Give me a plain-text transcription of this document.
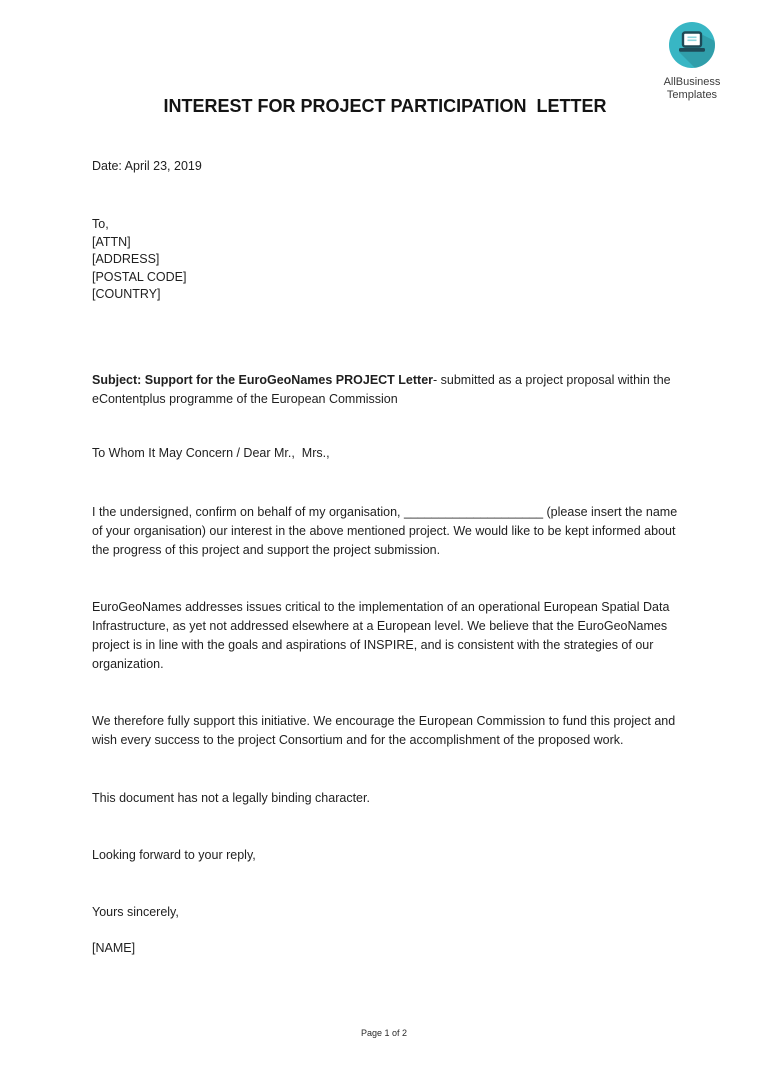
AllBusiness
Templates
INTEREST FOR PROJECT PARTICIPATION  LETTER
Date: April 23, 2019
To,
[ATTN]
[ADDRESS]
[POSTAL CODE]
[COUNTRY]
Subject: Support for the EuroGeoNames PROJECT Letter- submitted as a project proposal within the eContentplus programme of the European Commission
To Whom It May Concern / Dear Mr.,  Mrs.,
I the undersigned, confirm on behalf of my organisation, ____________________ (please insert the name of your organisation) our interest in the above mentioned project. We would like to be kept informed about the progress of this project and support the project submission.
EuroGeoNames addresses issues critical to the implementation of an operational European Spatial Data Infrastructure, as yet not addressed elsewhere at a European level. We believe that the EuroGeoNames project is in line with the goals and aspirations of INSPIRE, and is consistent with the strategies of our organization.
We therefore fully support this initiative. We encourage the European Commission to fund this project and wish every success to the project Consortium and for the accomplishment of the proposed work.
This document has not a legally binding character.
Looking forward to your reply,
Yours sincerely,
[NAME]
Page 1 of 2
